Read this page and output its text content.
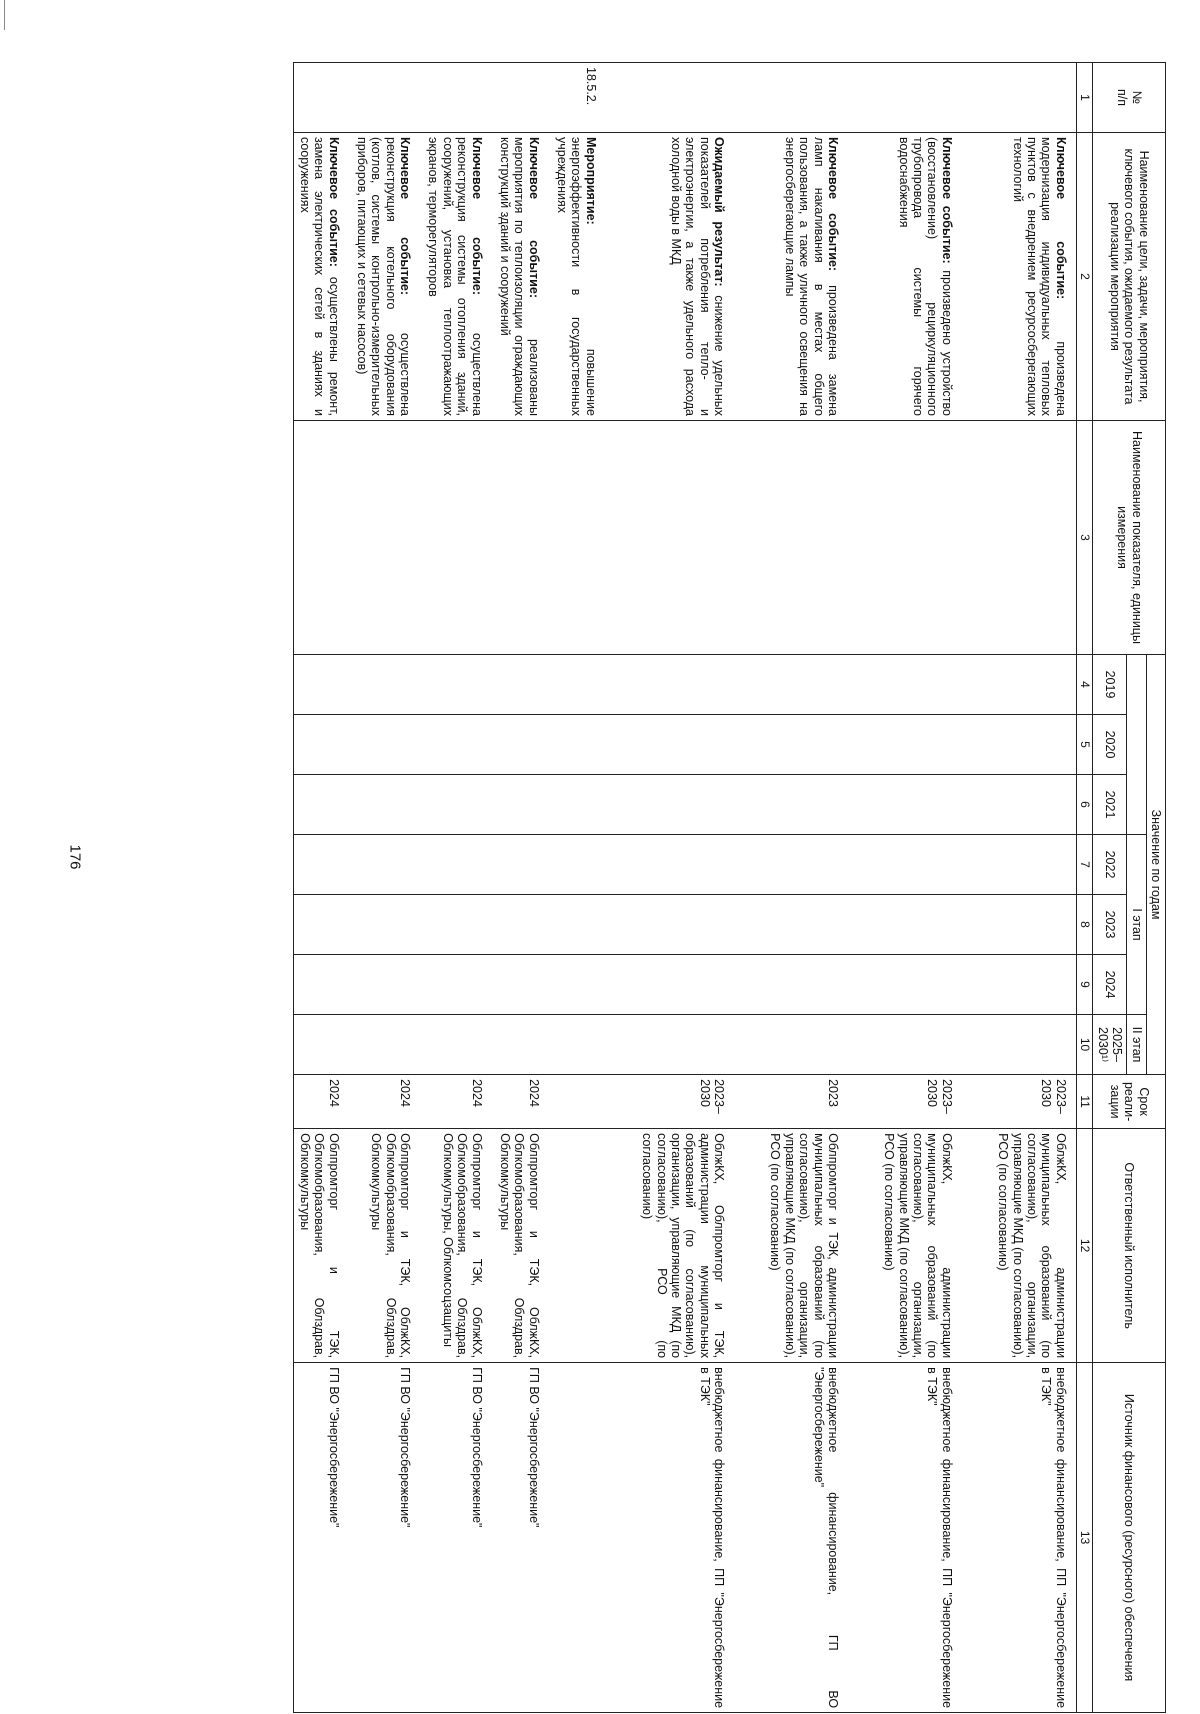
176
№
п/п	Наименование цели, задачи, мероприятия, ключевого события, ожидаемого результата реализации мероприятия	Наименование показателя, единицы измерения	Значение по годам							Срок реали-зации	Ответственный исполнитель	Источник финансового (ресурсного) обеспечения
						I этап			II этап			
			2019	2020	2021	2022	2023	2024	2025–2030¹⁾			
1	2	3	4	5	6	7	8	9	10	11	12	13
	Ключевое событие: произведена модернизация индивидуальных тепловых пунктов с внедрением ресурсосберегающих технологий									2023–2030	ОблжКХ, администрации муниципальных образований (по согласованию), организации, управляющие МКД (по согласованию), РСО (по согласованию)	внебюджетное финансирование, ПП "Энергосбережение в ТЭК"

	Ключевое событие: произведено устройство (восстановление) рециркуляционного трубопровода системы горячего водоснабжения									2023–2030	ОблжКХ, администрации муниципальных образований (по согласованию), организации, управляющие МКД (по согласованию), РСО (по согласованию)	внебюджетное финансирование, ПП "Энергосбережение в ТЭК"

	Ключевое событие: произведена замена ламп накаливания в местах общего пользования, а также уличного освещения на энергосберегающие лампы									2023	Облпромторг и ТЭК, администрации муниципальных образований (по согласованию), организации, управляющие МКД (по согласованию), РСО (по согласованию)	внебюджетное финансирование, ГП ВО "Энергосбережение"

	Ожидаемый результат: снижение удельных показателей потребления тепло- и электроэнергии, а также удельного расхода холодной воды в МКД									2023–2030	ОблжКХ, Облпромторг и ТЭК, администрации муниципальных образований (по согласованию), организации, управляющие МКД (по согласованию), РСО (по согласованию)	внебюджетное финансирование, ПП "Энергосбережение в ТЭК"

18.5.2.	Мероприятие: повышение энергоэффективности в государственных учреждениях											

	Ключевое событие: реализованы мероприятия по теплоизоляции ограждающих конструкций зданий и сооружений									2024	Облпромторг и ТЭК, ОблжКХ, Облкомобразования, Облздрав, Облкомкультуры	ГП ВО "Энергосбережение"

	Ключевое событие: осуществлена реконструкция системы отопления зданий, сооружений, установка теплоотражающих экранов, терморегуляторов									2024	Облпромторг и ТЭК, ОблжКХ, Облкомобразования, Облздрав, Облкомкультуры, Облкомсоцзащиты	ГП ВО "Энергосбережение"

	Ключевое событие: осуществлена реконструкция котельного оборудования (котлов, системы контрольно-измерительных приборов, питающих и сетевых насосов)									2024	Облпромторг и ТЭК, ОблжКХ, Облкомобразования, Облздрав, Облкомкультуры	ГП ВО "Энергосбережение"

	Ключевое событие: осуществлены ремонт, замена электрических сетей в зданиях и сооружениях									2024	Облпромторг и ТЭК, Облкомобразования, Облздрав, Облкомкультуры	ГП ВО "Энергосбережение"
